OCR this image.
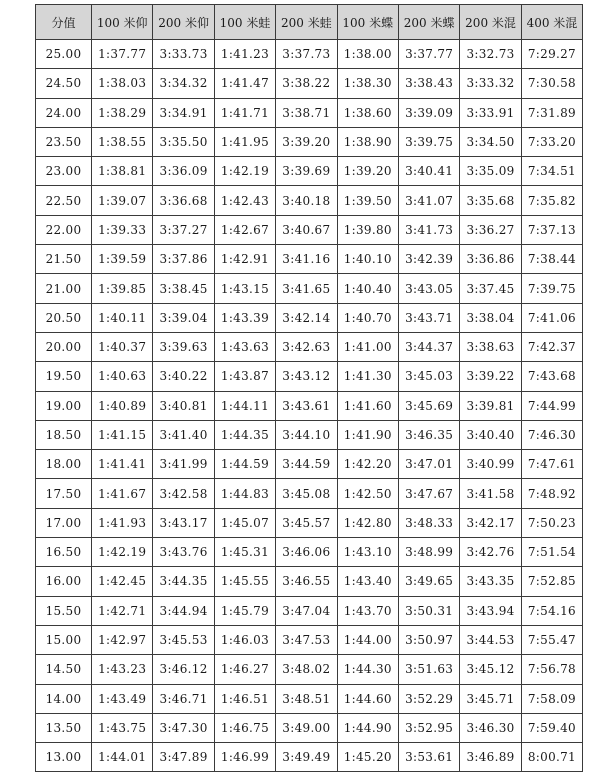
分值	100 米仰	200 米仰	100 米蛙	200 米蛙	100 米蝶	200 米蝶	200 米混	400 米混
25.00	1:37.77	3:33.73	1:41.23	3:37.73	1:38.00	3:37.77	3:32.73	7:29.27
24.50	1:38.03	3:34.32	1:41.47	3:38.22	1:38.30	3:38.43	3:33.32	7:30.58
24.00	1:38.29	3:34.91	1:41.71	3:38.71	1:38.60	3:39.09	3:33.91	7:31.89
23.50	1:38.55	3:35.50	1:41.95	3:39.20	1:38.90	3:39.75	3:34.50	7:33.20
23.00	1:38.81	3:36.09	1:42.19	3:39.69	1:39.20	3:40.41	3:35.09	7:34.51
22.50	1:39.07	3:36.68	1:42.43	3:40.18	1:39.50	3:41.07	3:35.68	7:35.82
22.00	1:39.33	3:37.27	1:42.67	3:40.67	1:39.80	3:41.73	3:36.27	7:37.13
21.50	1:39.59	3:37.86	1:42.91	3:41.16	1:40.10	3:42.39	3:36.86	7:38.44
21.00	1:39.85	3:38.45	1:43.15	3:41.65	1:40.40	3:43.05	3:37.45	7:39.75
20.50	1:40.11	3:39.04	1:43.39	3:42.14	1:40.70	3:43.71	3:38.04	7:41.06
20.00	1:40.37	3:39.63	1:43.63	3:42.63	1:41.00	3:44.37	3:38.63	7:42.37
19.50	1:40.63	3:40.22	1:43.87	3:43.12	1:41.30	3:45.03	3:39.22	7:43.68
19.00	1:40.89	3:40.81	1:44.11	3:43.61	1:41.60	3:45.69	3:39.81	7:44.99
18.50	1:41.15	3:41.40	1:44.35	3:44.10	1:41.90	3:46.35	3:40.40	7:46.30
18.00	1:41.41	3:41.99	1:44.59	3:44.59	1:42.20	3:47.01	3:40.99	7:47.61
17.50	1:41.67	3:42.58	1:44.83	3:45.08	1:42.50	3:47.67	3:41.58	7:48.92
17.00	1:41.93	3:43.17	1:45.07	3:45.57	1:42.80	3:48.33	3:42.17	7:50.23
16.50	1:42.19	3:43.76	1:45.31	3:46.06	1:43.10	3:48.99	3:42.76	7:51.54
16.00	1:42.45	3:44.35	1:45.55	3:46.55	1:43.40	3:49.65	3:43.35	7:52.85
15.50	1:42.71	3:44.94	1:45.79	3:47.04	1:43.70	3:50.31	3:43.94	7:54.16
15.00	1:42.97	3:45.53	1:46.03	3:47.53	1:44.00	3:50.97	3:44.53	7:55.47
14.50	1:43.23	3:46.12	1:46.27	3:48.02	1:44.30	3:51.63	3:45.12	7:56.78
14.00	1:43.49	3:46.71	1:46.51	3:48.51	1:44.60	3:52.29	3:45.71	7:58.09
13.50	1:43.75	3:47.30	1:46.75	3:49.00	1:44.90	3:52.95	3:46.30	7:59.40
13.00	1:44.01	3:47.89	1:46.99	3:49.49	1:45.20	3:53.61	3:46.89	8:00.71
